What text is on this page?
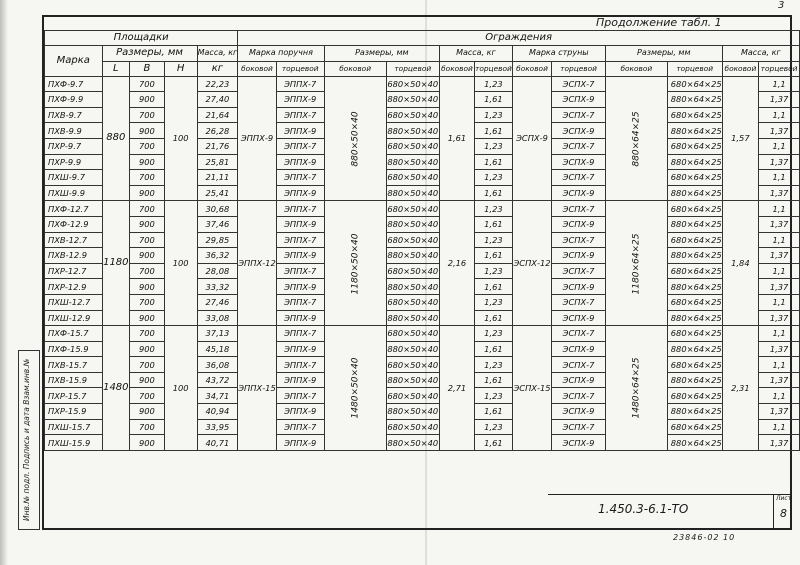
3
Продолжение табл. 1
Площадки					Ограждения											
Марка	Размеры, мм			Масса, кг	Марка поручня		Размеры, мм		Масса, кг		Марка струны		Размеры, мм		Масса, кг	
	L	B	H		боковой	торцевой	боковой	торцевой	боковой	торцевой	боковой	торцевой	боковой	торцевой	боковой	торцевой
				кг												
ПХФ-9.7	880	700	100	22,23	ЭППХ-9	ЭППХ-7	880×50×40	680×50×40	1,61	1,23	ЭСПХ-9	ЭСПХ-7	880×64×25	680×64×25	1,57	1,1
ПХФ-9.9		900		27,40		ЭППХ-9		880×50×40		1,61		ЭСПХ-9		880×64×25		1,37
ПХВ-9.7		700		21,64		ЭППХ-7		680×50×40		1,23		ЭСПХ-7		680×64×25		1,1
ПХВ-9.9		900		26,28		ЭППХ-9		880×50×40		1,61		ЭСПХ-9		880×64×25		1,37
ПХР-9.7		700		21,76		ЭППХ-7		680×50×40		1,23		ЭСПХ-7		680×64×25		1,1
ПХР-9.9		900		25,81		ЭППХ-9		880×50×40		1,61		ЭСПХ-9		880×64×25		1,37
ПХШ-9.7		700		21,11		ЭППХ-7		680×50×40		1,23		ЭСПХ-7		680×64×25		1,1
ПХШ-9.9		900		25,41		ЭППХ-9		880×50×40		1,61		ЭСПХ-9		880×64×25		1,37
ПХФ-12.7	1180	700	100	30,68	ЭППХ-12	ЭППХ-7	1180×50×40	680×50×40	2,16	1,23	ЭСПХ-12	ЭСПХ-7	1180×64×25	680×64×25	1,84	1,1
ПХФ-12.9		900		37,46		ЭППХ-9		880×50×40		1,61		ЭСПХ-9		880×64×25		1,37
ПХВ-12.7		700		29,85		ЭППХ-7		680×50×40		1,23		ЭСПХ-7		680×64×25		1,1
ПХВ-12.9		900		36,32		ЭППХ-9		880×50×40		1,61		ЭСПХ-9		880×64×25		1,37
ПХР-12.7		700		28,08		ЭППХ-7		680×50×40		1,23		ЭСПХ-7		680×64×25		1,1
ПХР-12.9		900		33,32		ЭППХ-9		880×50×40		1,61		ЭСПХ-9		880×64×25		1,37
ПХШ-12.7		700		27,46		ЭППХ-7		680×50×40		1,23		ЭСПХ-7		680×64×25		1,1
ПХШ-12.9		900		33,08		ЭППХ-9		880×50×40		1,61		ЭСПХ-9		880×64×25		1,37
ПХФ-15.7	1480	700	100	37,13	ЭППХ-15	ЭППХ-7	1480×50×40	680×50×40	2,71	1,23	ЭСПХ-15	ЭСПХ-7	1480×64×25	680×64×25	2,31	1,1
ПХФ-15.9		900		45,18		ЭППХ-9		880×50×40		1,61		ЭСПХ-9		880×64×25		1,37
ПХВ-15.7		700		36,08		ЭППХ-7		680×50×40		1,23		ЭСПХ-7		680×64×25		1,1
ПХВ-15.9		900		43,72		ЭППХ-9		880×50×40		1,61		ЭСПХ-9		880×64×25		1,37
ПХР-15.7		700		34,71		ЭППХ-7		680×50×40		1,23		ЭСПХ-7		680×64×25		1,1
ПХР-15.9		900		40,94		ЭППХ-9		880×50×40		1,61		ЭСПХ-9		880×64×25		1,37
ПХШ-15.7		700		33,95		ЭППХ-7		680×50×40		1,23		ЭСПХ-7		680×64×25		1,1
ПХШ-15.9		900		40,71		ЭППХ-9		880×50×40		1,61		ЭСПХ-9		880×64×25		1,37
Инв.№ подл. Подпись и дата Взам.инв.№	1.450.3-6.1-ТО
Лист
8
23846-02 10
